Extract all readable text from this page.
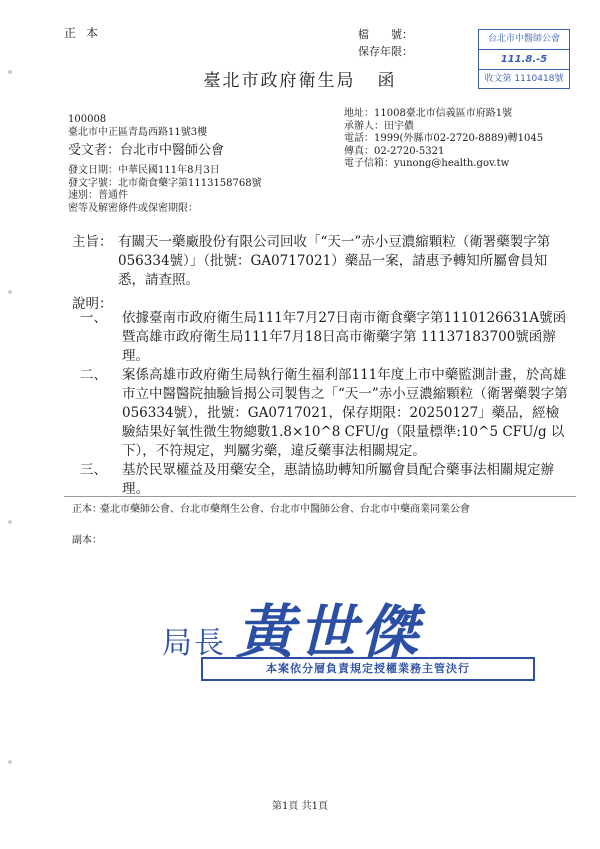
正本	檔　　號：
保存年限：
台北市中醫師公會
111.8.-5
收文第 1110418號
臺北市政府衛生局 函
100008
臺北市中正區青島西路11號3樓
受文者：台北市中醫師公會
發文日期：中華民國111年8月3日
發文字號：北市衛食藥字第1113158768號
速別：普通件
密等及解密條件或保密期限：
地址：11008臺北市信義區市府路1號
承辦人：田宇儂
電話：1999(外縣市02-2720-8889)轉1045
傳真：02-2720-5321
電子信箱：yunong@health.gov.tw
主旨： 有關天一藥廠股份有限公司回收「“天一”赤小豆濃縮顆粒（衛署藥製字第056334號）」（批號：GA0717021）藥品一案，請惠予轉知所屬會員知悉，請查照。
說明：
一、 依據臺南市政府衛生局111年7月27日南市衛食藥字第1110126631A號函暨高雄市政府衛生局111年7月18日高市衛藥字第 11137183700號函辦理。
二、 案係高雄市政府衛生局執行衛生福利部111年度上市中藥監測計畫，於高雄市立中醫醫院抽驗旨揭公司製售之「“天一”赤小豆濃縮顆粒（衛署藥製字第056334號），批號：GA0717021，保存期限：20250127」藥品，經檢驗結果好氧性微生物總數1.8×10^8 CFU/g（限量標準:10^5 CFU/g 以下），不符規定，判屬劣藥，違反藥事法相關規定。
三、 基於民眾權益及用藥安全，惠請協助轉知所屬會員配合藥事法相關規定辦理。
正本：
臺北市藥師公會、台北市藥劑生公會、台北市中醫師公會、台北市中藥商業同業公會
副本：
局長 黃世傑
本案依分層負責規定授權業務主管決行
第1頁 共1頁
